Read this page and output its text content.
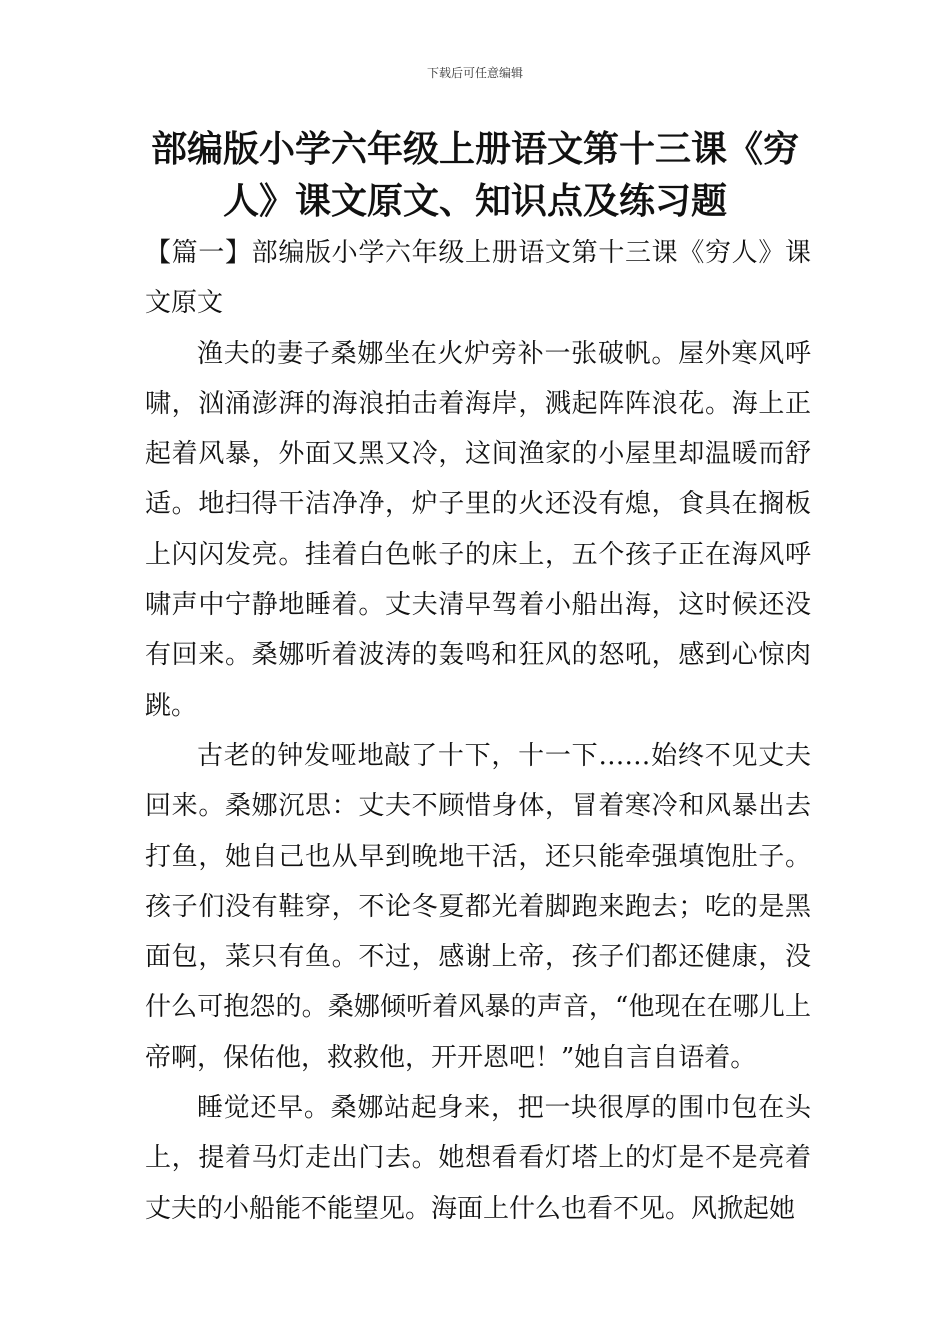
下载后可任意编辑
部编版小学六年级上册语文第十三课《穷人》课文原文、知识点及练习题

【篇一】部编版小学六年级上册语文第十三课《穷人》课文原文

渔夫的妻子桑娜坐在火炉旁补一张破帆。屋外寒风呼啸，汹涌澎湃的海浪拍击着海岸，溅起阵阵浪花。海上正起着风暴，外面又黑又冷，这间渔家的小屋里却温暖而舒适。地扫得干洁净净，炉子里的火还没有熄，食具在搁板上闪闪发亮。挂着白色帐子的床上，五个孩子正在海风呼啸声中宁静地睡着。丈夫清早驾着小船出海，这时候还没有回来。桑娜听着波涛的轰鸣和狂风的怒吼，感到心惊肉跳。

古老的钟发哑地敲了十下，十一下……始终不见丈夫回来。桑娜沉思：丈夫不顾惜身体，冒着寒冷和风暴出去打鱼，她自己也从早到晚地干活，还只能牵强填饱肚子。孩子们没有鞋穿，不论冬夏都光着脚跑来跑去；吃的是黑面包，菜只有鱼。不过，感谢上帝，孩子们都还健康，没什么可抱怨的。桑娜倾听着风暴的声音，“他现在在哪儿上帝啊，保佑他，救救他，开开恩吧！”她自言自语着。

睡觉还早。桑娜站起身来，把一块很厚的围巾包在头上，提着马灯走出门去。她想看看灯塔上的灯是不是亮着丈夫的小船能不能望见。海面上什么也看不见。风掀起她
